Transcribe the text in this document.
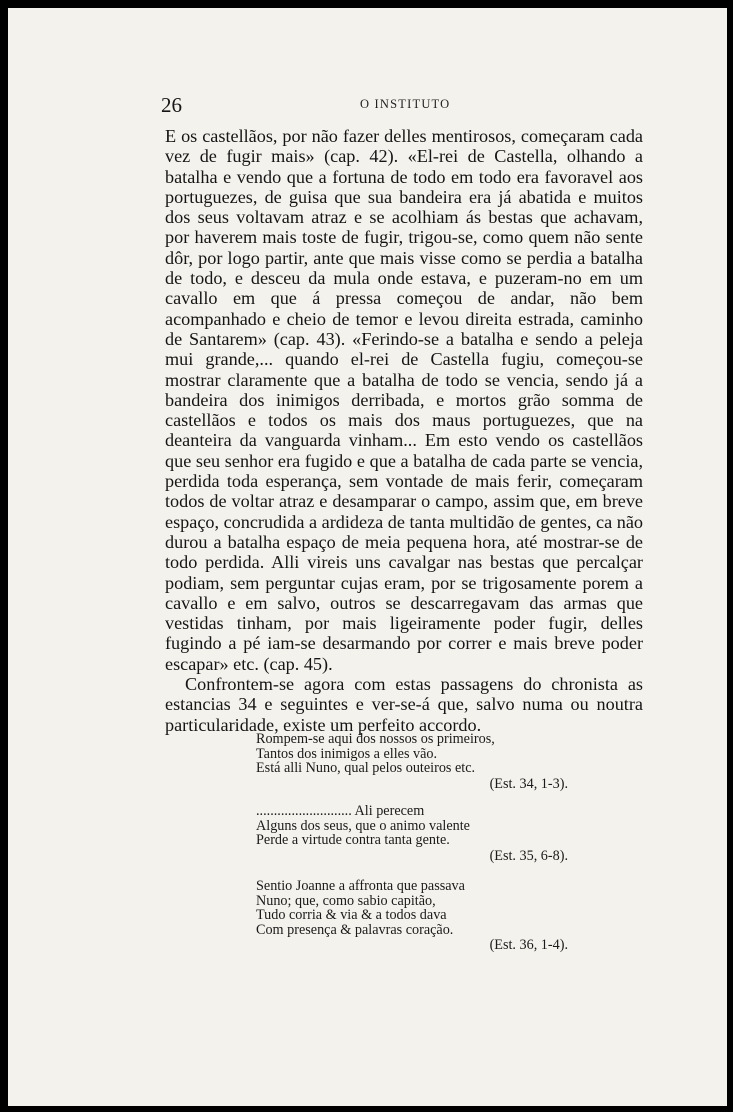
26	O INSTITUTO

E os castellãos, por não fazer delles mentirosos, começaram cada vez de fugir mais» (cap. 42). «El-rei de Castella, olhando a batalha e vendo que a fortuna de todo em todo era favoravel aos portuguezes, de guisa que sua bandeira era já abatida e muitos dos seus voltavam atraz e se acolhiam ás bestas que achavam, por haverem mais toste de fugir, trigou-se, como quem não sente dôr, por logo partir, ante que mais visse como se perdia a batalha de todo, e desceu da mula onde estava, e puzeram-no em um cavallo em que á pressa começou de andar, não bem acompanhado e cheio de temor e levou direita estrada, caminho de Santarem» (cap. 43). «Ferindo-se a batalha e sendo a peleja mui grande,... quando el-rei de Castella fugiu, começou-se mostrar claramente que a batalha de todo se vencia, sendo já a bandeira dos inimigos derribada, e mortos grão somma de castellãos e todos os mais dos maus portuguezes, que na deanteira da vanguarda vinham... Em esto vendo os castellãos que seu senhor era fugido e que a batalha de cada parte se vencia, perdida toda esperança, sem vontade de mais ferir, começaram todos de voltar atraz e desamparar o campo, assim que, em breve espaço, concrudida a ardideza de tanta multidão de gentes, ca não durou a batalha espaço de meia pequena hora, até mostrar-se de todo perdida. Alli vireis uns cavalgar nas bestas que percalçar podiam, sem perguntar cujas eram, por se trigosamente porem a cavallo e em salvo, outros se descarregavam das armas que vestidas tinham, por mais ligeiramente poder fugir, delles fugindo a pé iam-se desarmando por correr e mais breve poder escapar» etc. (cap. 45).

Confrontem-se agora com estas passagens do chronista as estancias 34 e seguintes e ver-se-á que, salvo numa ou noutra particularidade, existe um perfeito accordo.

Rompem-se aqui dos nossos os primeiros,
Tantos dos inimigos a elles vão.
Está alli Nuno, qual pelos outeiros etc.
(Est. 34, 1-3).
........................... Ali perecem
Alguns dos seus, que o animo valente
Perde a virtude contra tanta gente.
(Est. 35, 6-8).
Sentio Joanne a affronta que passava
Nuno; que, como sabio capitão,
Tudo corria & via & a todos dava
Com presença & palavras coração.
(Est. 36, 1-4).
